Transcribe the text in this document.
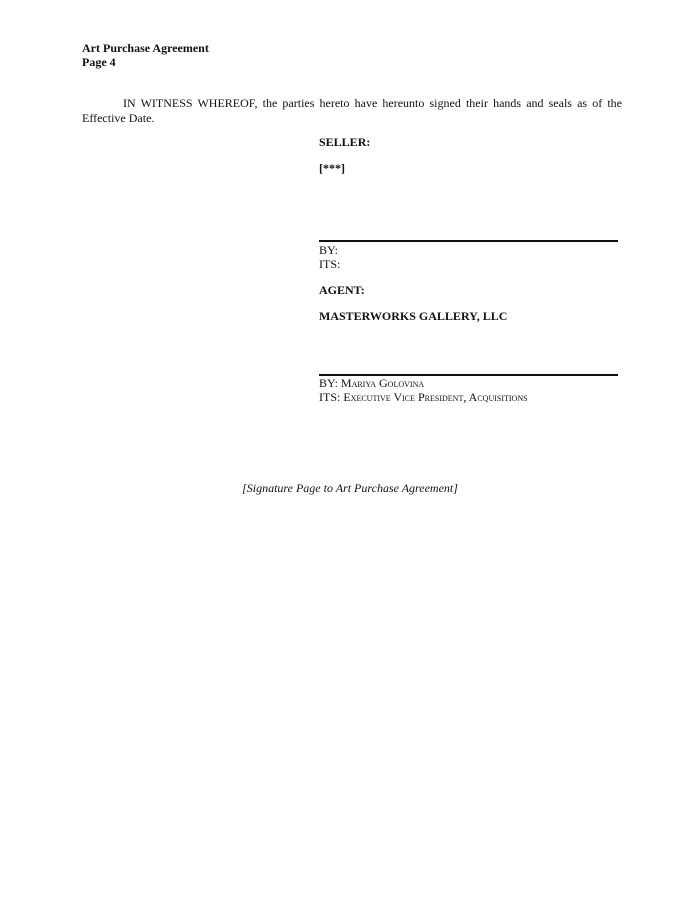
Art Purchase Agreement
Page 4
IN WITNESS WHEREOF, the parties hereto have hereunto signed their hands and seals as of the Effective Date.
SELLER:
[***]
BY:
ITS:
AGENT:
MASTERWORKS GALLERY, LLC
BY: Mariya Golovina
ITS: Executive Vice President, Acquisitions
[Signature Page to Art Purchase Agreement]
